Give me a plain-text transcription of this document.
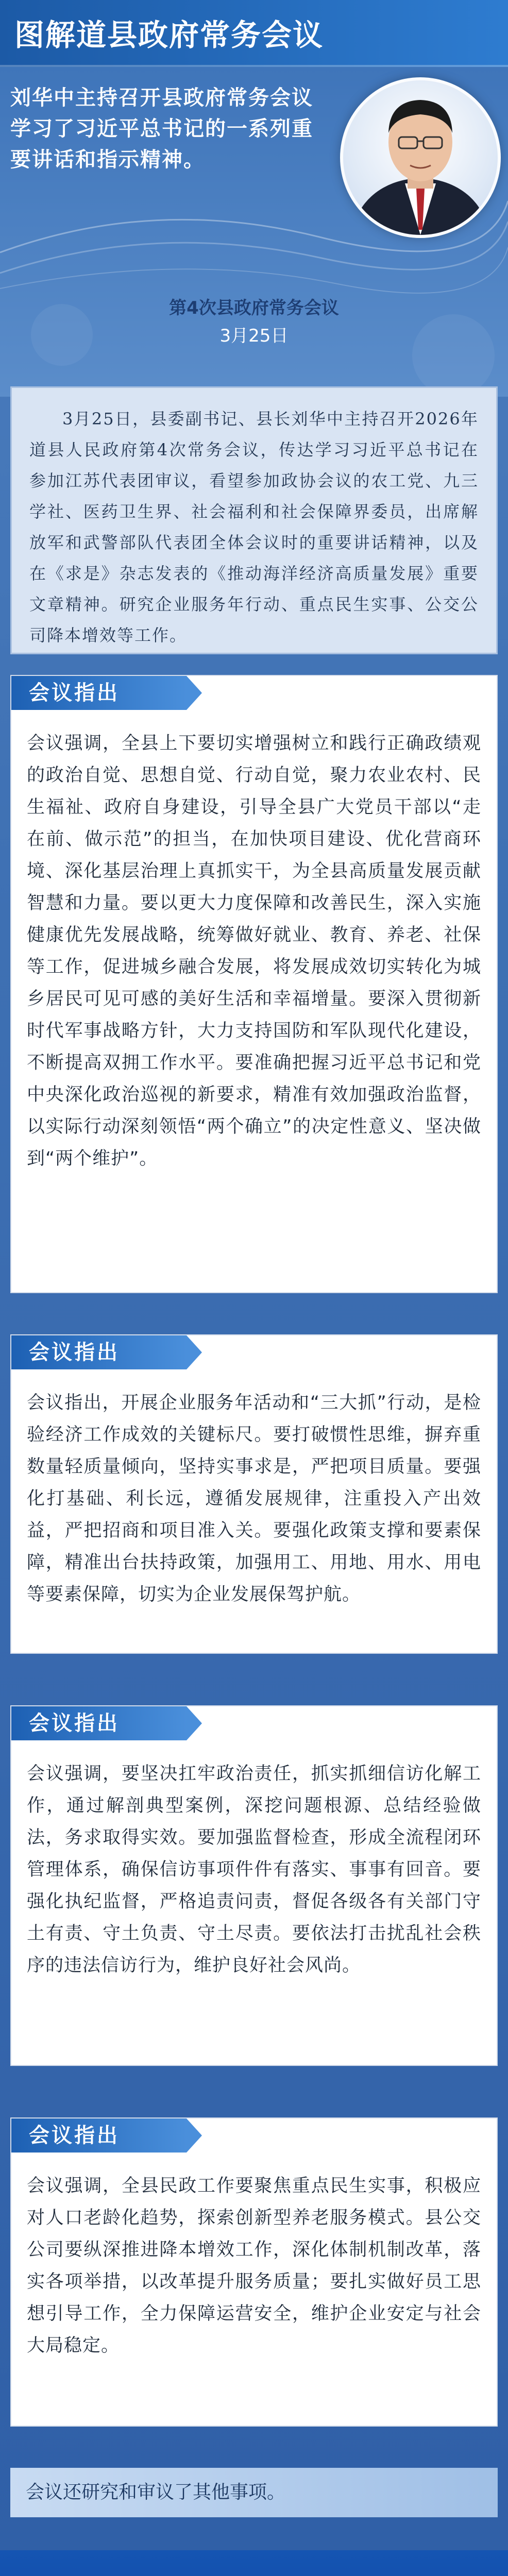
图解道县政府常务会议
刘华中主持召开县政府常务会议 学习了习近平总书记的一系列重要讲话和指示精神。
第4次县政府常务会议
3月25日
3月25日，县委副书记、县长刘华中主持召开2026年道县人民政府第4次常务会议，传达学习习近平总书记在参加江苏代表团审议，看望参加政协会议的农工党、九三学社、医药卫生界、社会福利和社会保障界委员，出席解放军和武警部队代表团全体会议时的重要讲话精神，以及在《求是》杂志发表的《推动海洋经济高质量发展》重要文章精神。研究企业服务年行动、重点民生实事、公交公司降本增效等工作。
会议指出
会议强调，全县上下要切实增强树立和践行正确政绩观的政治自觉、思想自觉、行动自觉，聚力农业农村、民生福祉、政府自身建设，引导全县广大党员干部以“走在前、做示范”的担当，在加快项目建设、优化营商环境、深化基层治理上真抓实干，为全县高质量发展贡献智慧和力量。要以更大力度保障和改善民生，深入实施健康优先发展战略，统筹做好就业、教育、养老、社保等工作，促进城乡融合发展，将发展成效切实转化为城乡居民可见可感的美好生活和幸福增量。要深入贯彻新时代军事战略方针，大力支持国防和军队现代化建设，不断提高双拥工作水平。要准确把握习近平总书记和党中央深化政治巡视的新要求，精准有效加强政治监督，以实际行动深刻领悟“两个确立”的决定性意义、坚决做到“两个维护”。
会议指出
会议指出，开展企业服务年活动和“三大抓”行动，是检验经济工作成效的关键标尺。要打破惯性思维，摒弃重数量轻质量倾向，坚持实事求是，严把项目质量。要强化打基础、利长远，遵循发展规律，注重投入产出效益，严把招商和项目准入关。要强化政策支撑和要素保障，精准出台扶持政策，加强用工、用地、用水、用电等要素保障，切实为企业发展保驾护航。
会议指出
会议强调，要坚决扛牢政治责任，抓实抓细信访化解工作，通过解剖典型案例，深挖问题根源、总结经验做法，务求取得实效。要加强监督检查，形成全流程闭环管理体系，确保信访事项件件有落实、事事有回音。要强化执纪监督，严格追责问责，督促各级各有关部门守土有责、守土负责、守土尽责。要依法打击扰乱社会秩序的违法信访行为，维护良好社会风尚。
会议指出
会议强调，全县民政工作要聚焦重点民生实事，积极应对人口老龄化趋势，探索创新型养老服务模式。县公交公司要纵深推进降本增效工作，深化体制机制改革，落实各项举措，以改革提升服务质量；要扎实做好员工思想引导工作，全力保障运营安全，维护企业安定与社会大局稳定。
会议还研究和审议了其他事项。
